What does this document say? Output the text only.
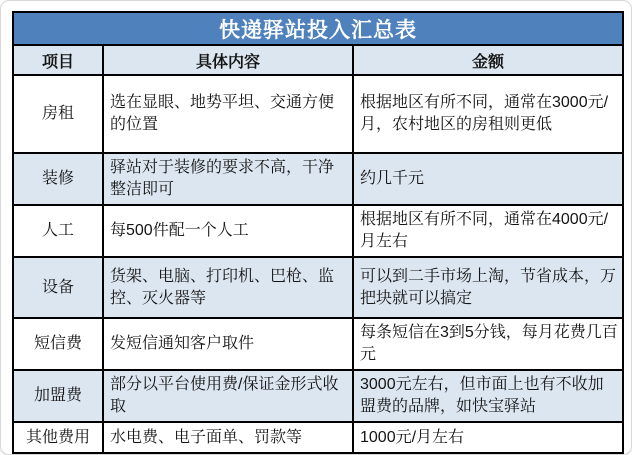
快递驿站投入汇总表		
项目	具体内容	金额
房租	选在显眼、地势平坦、交通方便的位置	根据地区有所不同，通常在3000元/月，农村地区的房租则更低
装修	驿站对于装修的要求不高，干净整洁即可	约几千元
人工	每500件配一个人工	根据地区有所不同，通常在4000元/月左右
设备	货架、电脑、打印机、巴枪、监控、灭火器等	可以到二手市场上淘，节省成本，万把块就可以搞定
短信费	发短信通知客户取件	每条短信在3到5分钱，每月花费几百元
加盟费	部分以平台使用费/保证金形式收取	3000元左右，但市面上也有不收加盟费的品牌，如快宝驿站
其他费用	水电费、电子面单、罚款等	1000元/月左右
